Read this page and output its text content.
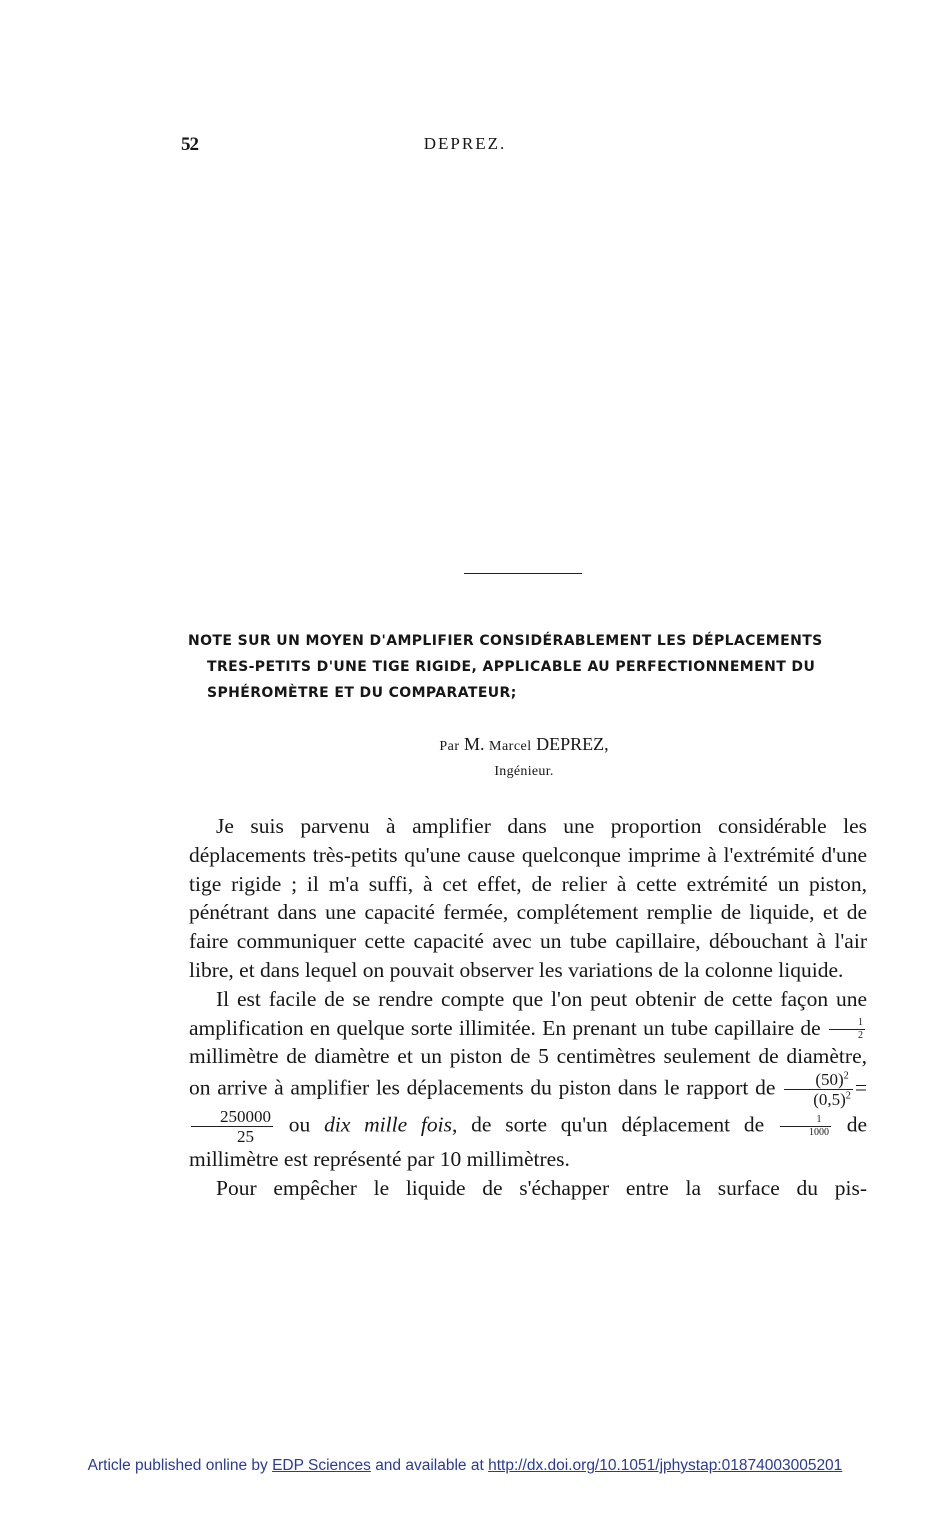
52	DEPREZ.
NOTE SUR UN MOYEN D'AMPLIFIER CONSIDÉRABLEMENT LES DÉPLACEMENTS
TRES-PETITS D'UNE TIGE RIGIDE, APPLICABLE AU PERFECTIONNEMENT DU
SPHÉROMÈTRE ET DU COMPARATEUR;
Par M. Marcel DEPREZ,
Ingénieur.

Je suis parvenu à amplifier dans une proportion considérable les déplacements très-petits qu'une cause quelconque imprime à l'extrémité d'une tige rigide ; il m'a suffi, à cet effet, de relier à cette extrémité un piston, pénétrant dans une capacité fermée, complétement remplie de liquide, et de faire communiquer cette capacité avec un tube capillaire, débouchant à l'air libre, et dans lequel on pouvait observer les variations de la colonne liquide.

Il est facile de se rendre compte que l'on peut obtenir de cette façon une amplification en quelque sorte illimitée. En prenant un tube capillaire de $\frac{1}{2}$
millimètre de diamètre et un piston de 5 centimètres seulement de diamètre, on arrive à amplifier les déplacements du piston dans le rapport de $\frac{(50)^2}{(0,5)^2}$ =
$\frac{250000}{25}$ ou dix mille fois, de sorte qu'un déplacement de $\frac{1}{1000}$ de millimètre est représenté par 10 millimètres.

Pour empêcher le liquide de s'échapper entre la surface du pis-

Article published online by EDP Sciences and available at http://dx.doi.org/10.1051/jphystap:01874003005201
